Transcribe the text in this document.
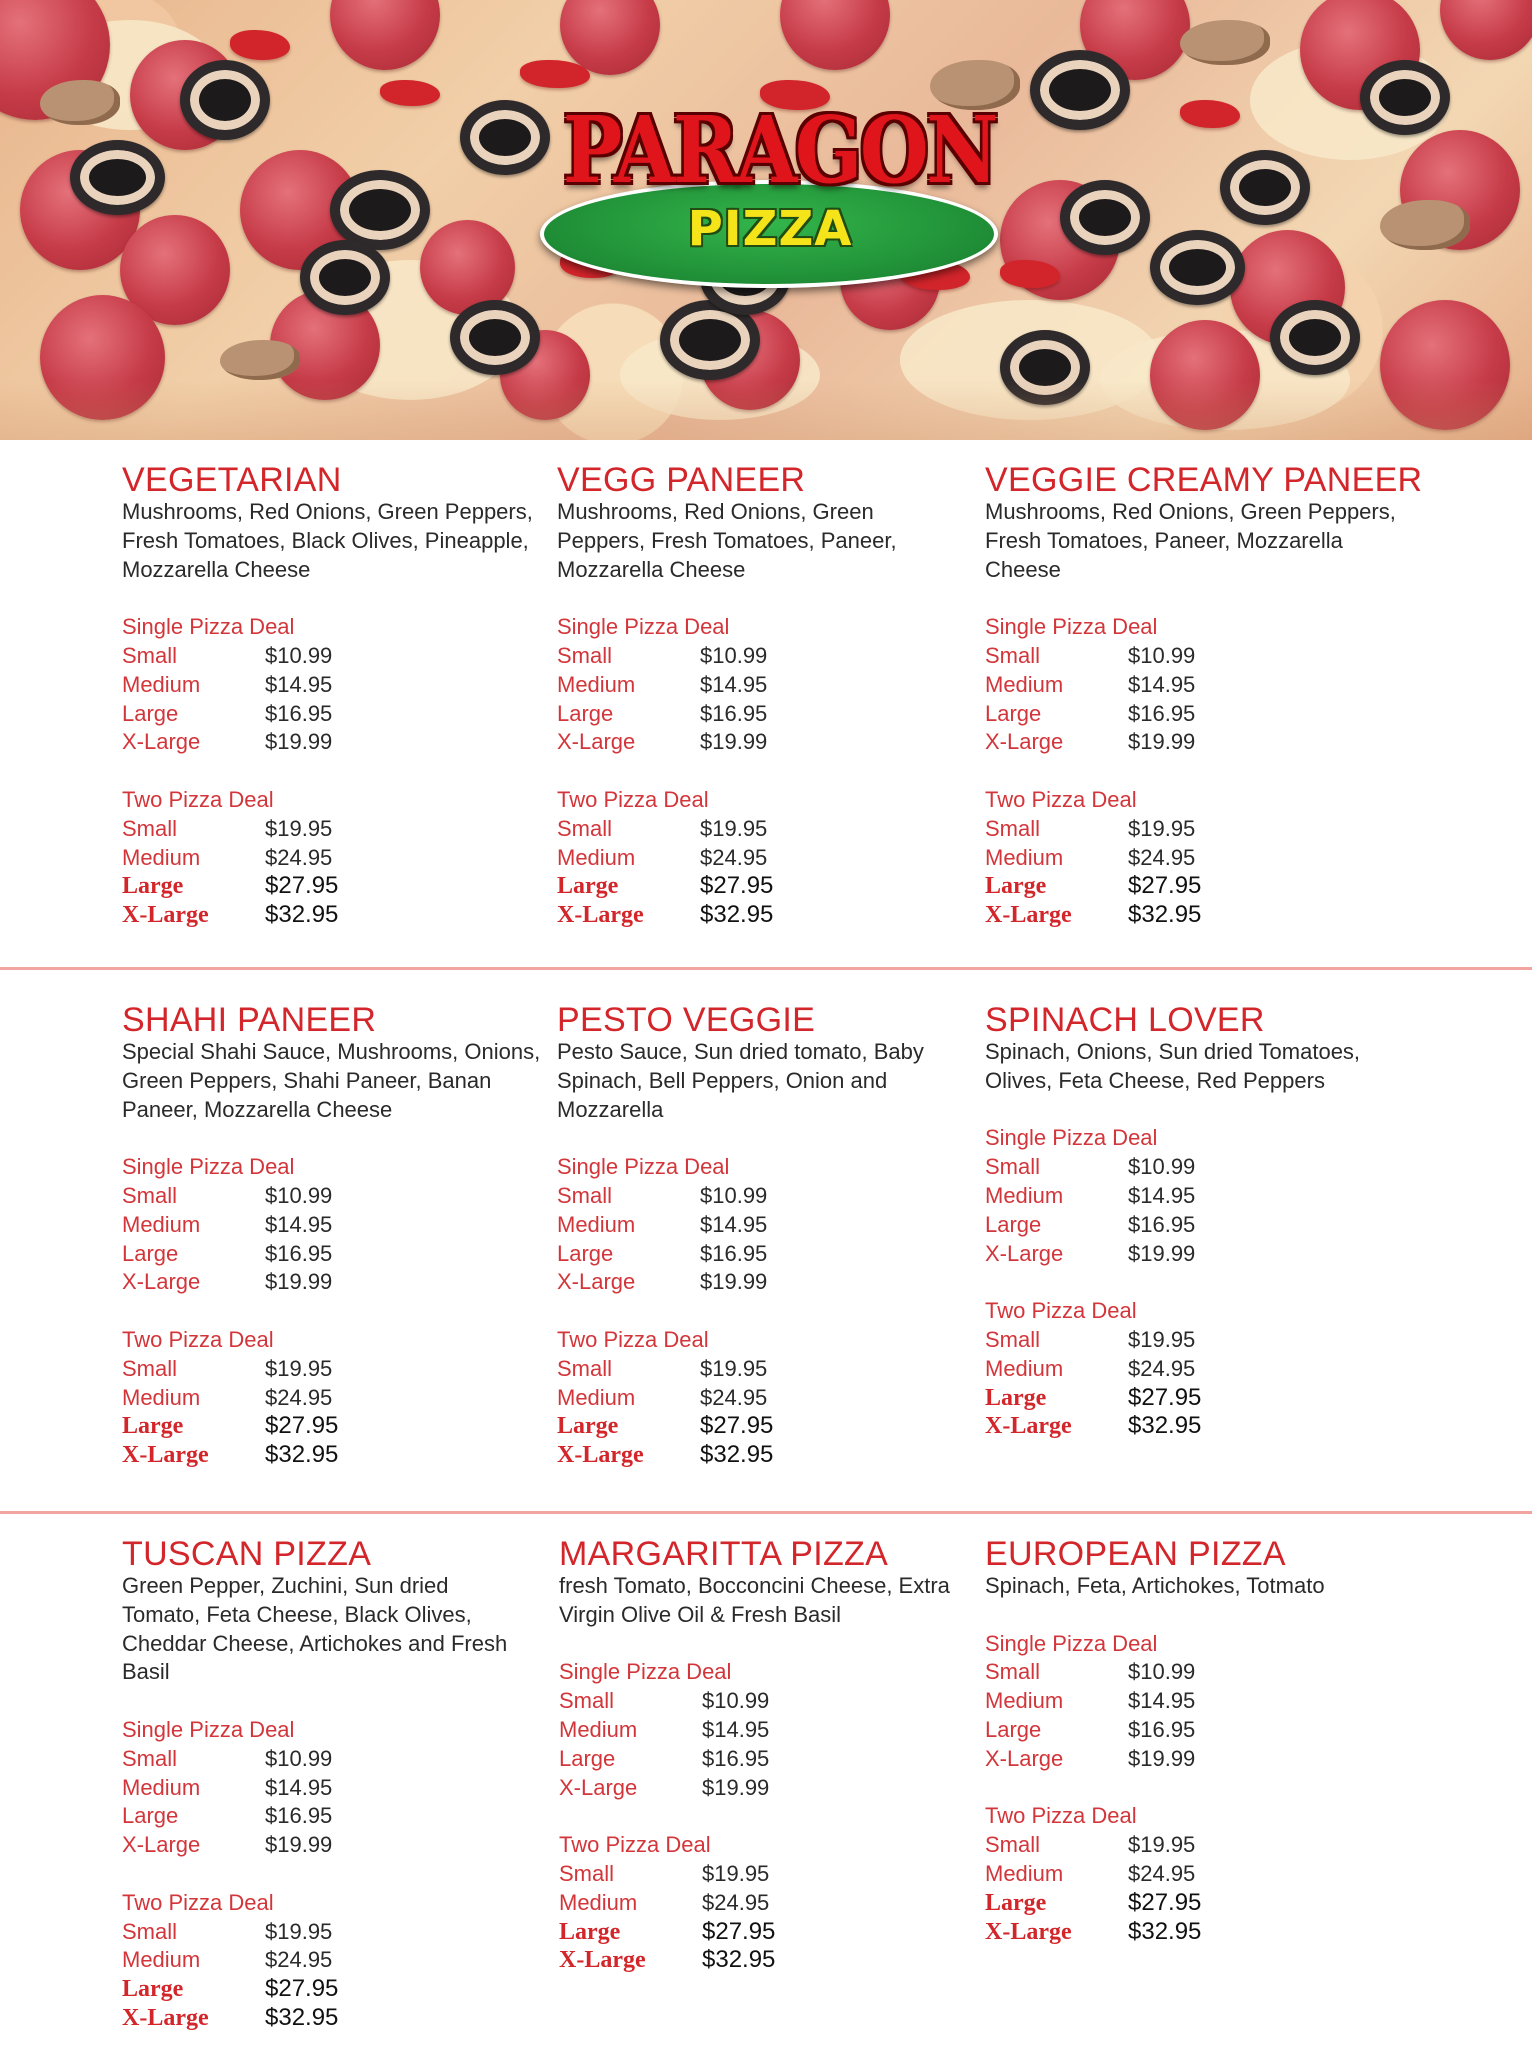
PARAGON
PIZZA
VEGETARIAN
Mushrooms, Red Onions, Green Peppers, Fresh Tomatoes, Black Olives, Pineapple, Mozzarella Cheese
Single Pizza Deal
Small	$10.99
Medium	$14.95
Large	$16.95
X-Large	$19.99
Two Pizza Deal
Small	$19.95
Medium	$24.95
Large	$27.95
X-Large	$32.95
VEGG PANEER
Mushrooms, Red Onions, Green Peppers, Fresh Tomatoes, Paneer, Mozzarella Cheese
Single Pizza Deal
Small	$10.99
Medium	$14.95
Large	$16.95
X-Large	$19.99
Two Pizza Deal
Small	$19.95
Medium	$24.95
Large	$27.95
X-Large	$32.95
VEGGIE CREAMY PANEER
Mushrooms, Red Onions, Green Peppers, Fresh Tomatoes, Paneer, Mozzarella Cheese
Single Pizza Deal
Small	$10.99
Medium	$14.95
Large	$16.95
X-Large	$19.99
Two Pizza Deal
Small	$19.95
Medium	$24.95
Large	$27.95
X-Large	$32.95
SHAHI PANEER
Special Shahi Sauce, Mushrooms, Onions, Green Peppers, Shahi Paneer, Banan Paneer, Mozzarella Cheese
Single Pizza Deal
Small	$10.99
Medium	$14.95
Large	$16.95
X-Large	$19.99
Two Pizza Deal
Small	$19.95
Medium	$24.95
Large	$27.95
X-Large	$32.95
PESTO VEGGIE
Pesto Sauce, Sun dried tomato, Baby Spinach, Bell Peppers, Onion and Mozzarella
Single Pizza Deal
Small	$10.99
Medium	$14.95
Large	$16.95
X-Large	$19.99
Two Pizza Deal
Small	$19.95
Medium	$24.95
Large	$27.95
X-Large	$32.95
SPINACH LOVER
Spinach, Onions, Sun dried Tomatoes, Olives, Feta Cheese, Red Peppers
Single Pizza Deal
Small	$10.99
Medium	$14.95
Large	$16.95
X-Large	$19.99
Two Pizza Deal
Small	$19.95
Medium	$24.95
Large	$27.95
X-Large	$32.95
TUSCAN PIZZA
Green Pepper, Zuchini, Sun dried Tomato, Feta Cheese, Black Olives, Cheddar Cheese, Artichokes and Fresh Basil
Single Pizza Deal
Small	$10.99
Medium	$14.95
Large	$16.95
X-Large	$19.99
Two Pizza Deal
Small	$19.95
Medium	$24.95
Large	$27.95
X-Large	$32.95
MARGARITTA PIZZA
fresh Tomato, Bocconcini Cheese, Extra Virgin Olive Oil & Fresh Basil
Single Pizza Deal
Small	$10.99
Medium	$14.95
Large	$16.95
X-Large	$19.99
Two Pizza Deal
Small	$19.95
Medium	$24.95
Large	$27.95
X-Large	$32.95
EUROPEAN PIZZA
Spinach, Feta, Artichokes, Totmato
Single Pizza Deal
Small	$10.99
Medium	$14.95
Large	$16.95
X-Large	$19.99
Two Pizza Deal
Small	$19.95
Medium	$24.95
Large	$27.95
X-Large	$32.95
